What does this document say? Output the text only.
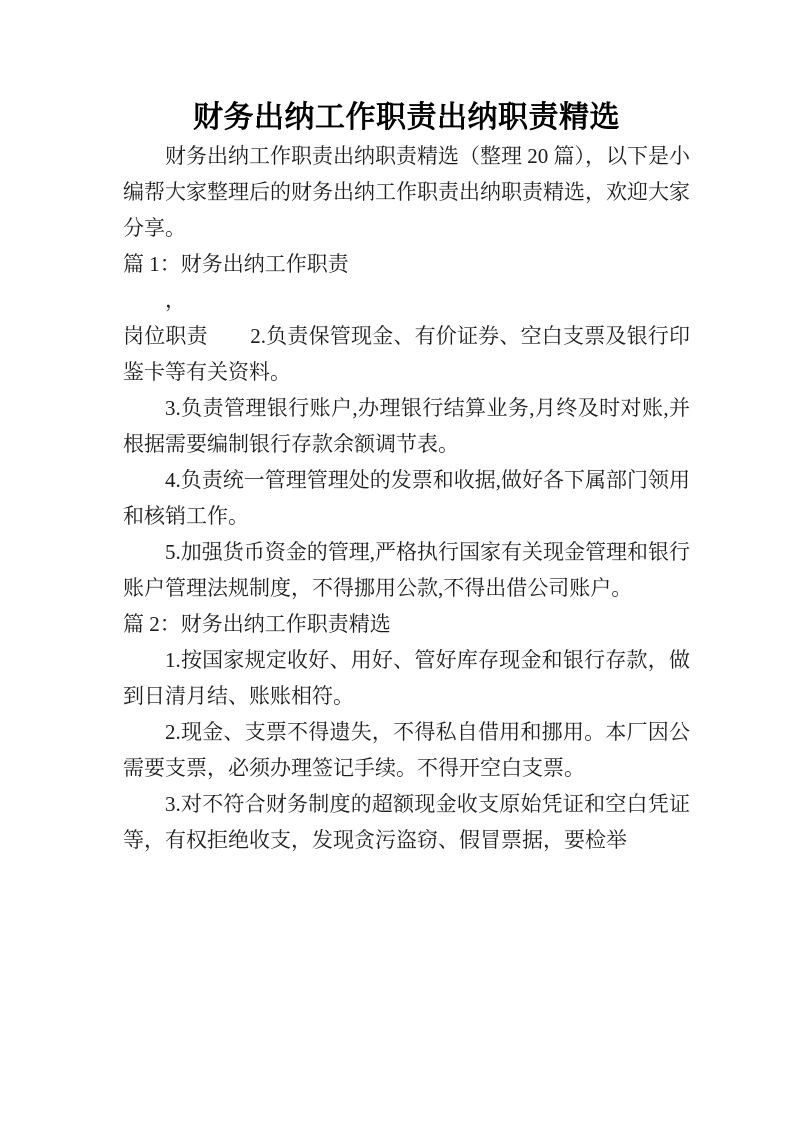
财务出纳工作职责出纳职责精选

财务出纳工作职责出纳职责精选（整理 20 篇），以下是小编帮大家整理后的财务出纳工作职责出纳职责精选，欢迎大家分享。

篇 1：财务出纳工作职责

，

岗位职责　　2.负责保管现金、有价证券、空白支票及银行印鉴卡等有关资料。

3.负责管理银行账户,办理银行结算业务,月终及时对账,并根据需要编制银行存款余额调节表。

4.负责统一管理管理处的发票和收据,做好各下属部门领用和核销工作。

5.加强货币资金的管理,严格执行国家有关现金管理和银行账户管理法规制度，不得挪用公款,不得出借公司账户。

篇 2：财务出纳工作职责精选

1.按国家规定收好、用好、管好库存现金和银行存款，做到日清月结、账账相符。

2.现金、支票不得遗失，不得私自借用和挪用。本厂因公需要支票，必须办理签记手续。不得开空白支票。

3.对不符合财务制度的超额现金收支原始凭证和空白凭证等，有权拒绝收支，发现贪污盗窃、假冒票据，要检举
